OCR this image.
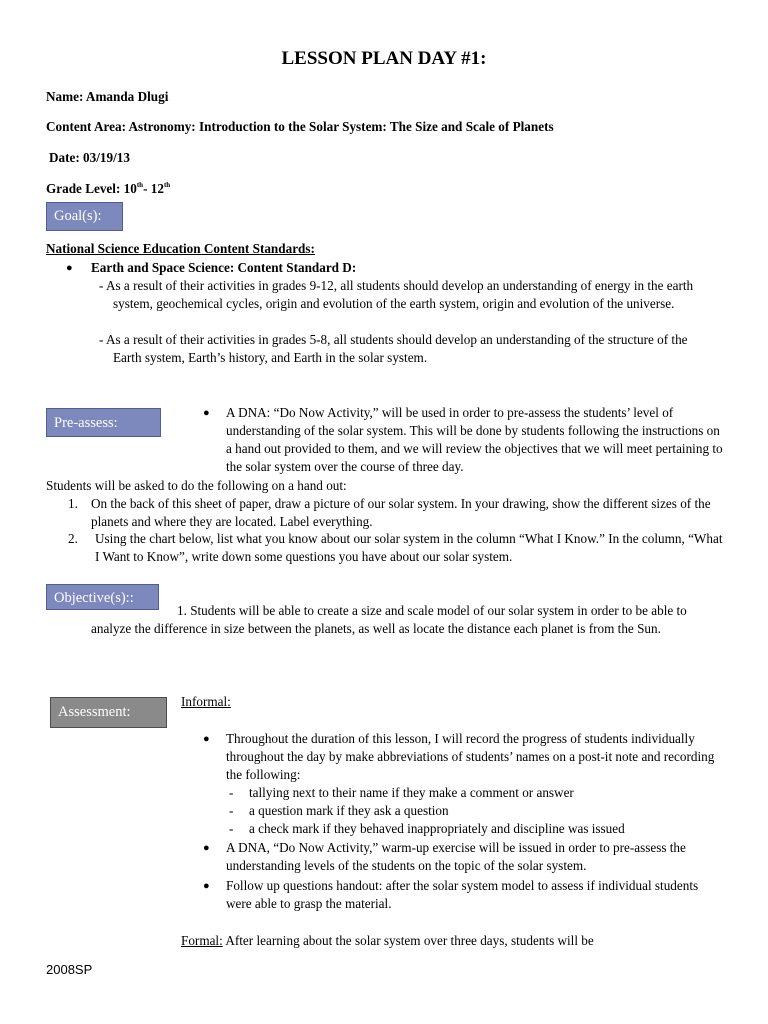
LESSON PLAN DAY #1:
Name: Amanda Dlugi
Content Area: Astronomy: Introduction to the Solar System: The Size and Scale of Planets
Date: 03/19/13
Grade Level: 10th- 12th
Goal(s):
National Science Education Content Standards:
● Earth and Space Science: Content Standard D:
- As a result of their activities in grades 9-12, all students should develop an understanding of energy in the earth system, geochemical cycles, origin and evolution of the earth system, origin and evolution of the universe.
- As a result of their activities in grades 5-8, all students should develop an understanding of the structure of the Earth system, Earth’s history, and Earth in the solar system.
Pre-assess:
● A DNA: “Do Now Activity,” will be used in order to pre-assess the students’ level of understanding of the solar system. This will be done by students following the instructions on a hand out provided to them, and we will review the objectives that we will meet pertaining to the solar system over the course of three day.
Students will be asked to do the following on a hand out:
1. On the back of this sheet of paper, draw a picture of our solar system. In your drawing, show the different sizes of the planets and where they are located. Label everything.
2. Using the chart below, list what you know about our solar system in the column “What I Know.” In the column, “What I Want to Know”, write down some questions you have about our solar system.
Objective(s)::
1. Students will be able to create a size and scale model of our solar system in order to be able to analyze the difference in size between the planets, as well as locate the distance each planet is from the Sun.
Assessment:
Informal:
● Throughout the duration of this lesson, I will record the progress of students individually throughout the day by make abbreviations of students’ names on a post-it note and recording the following:
- tallying next to their name if they make a comment or answer
- a question mark if they ask a question
- a check mark if they behaved inappropriately and discipline was issued
● A DNA, “Do Now Activity,” warm-up exercise will be issued in order to pre-assess the understanding levels of the students on the topic of the solar system.
● Follow up questions handout: after the solar system model to assess if individual students were able to grasp the material.
Formal: After learning about the solar system over three days, students will be
2008SP
